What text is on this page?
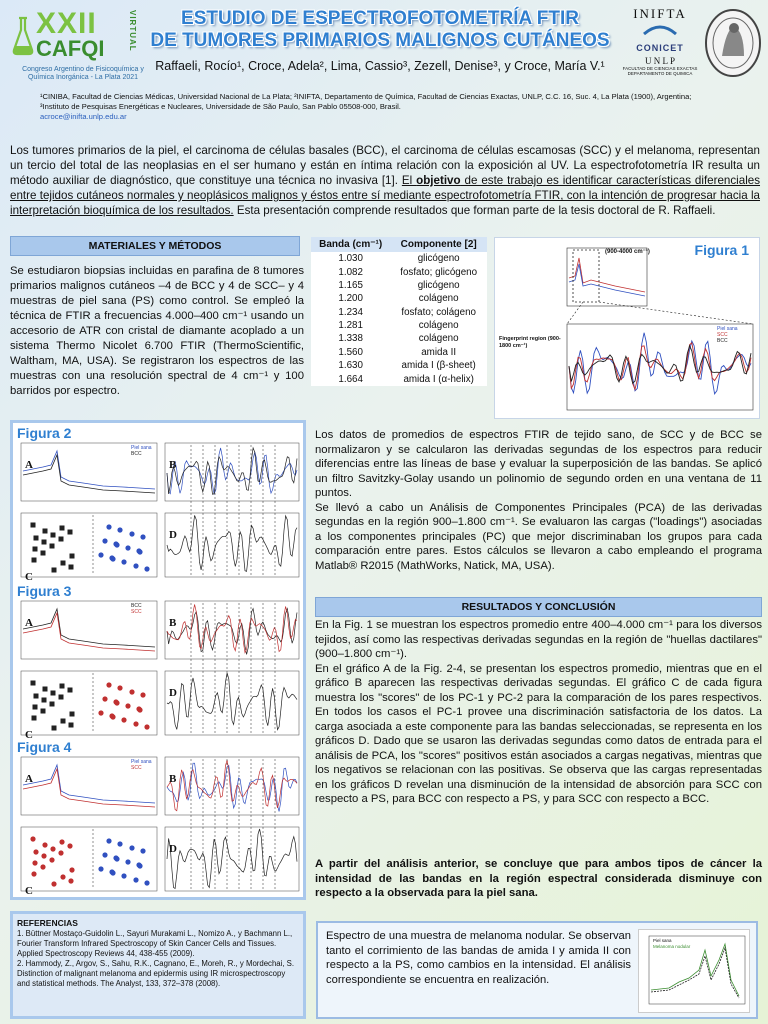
XXII
CAFQI	VIRTUAL
Congreso Argentino de Fisicoquímica y
Química Inorgánica - La Plata 2021
ESTUDIO DE ESPECTROFOTOMETRÍA FTIR
DE TUMORES PRIMARIOS MALIGNOS CUTÁNEOS
Raffaeli, Rocío¹, Croce, Adela², Lima, Cassio³, Zezell, Denise³, y Croce, María V.¹
INIFTA
CONICET
U N L P
FACULTAD DE CIENCIAS EXACTAS
DEPARTAMENTO DE QUIMICA
¹CINIBA, Facultad de Ciencias Médicas, Universidad Nacional de La Plata; ²INIFTA, Departamento de Química, Facultad de Ciencias Exactas, UNLP, C.C. 16, Suc. 4, La Plata (1900), Argentina;
³Instituto de Pesquisas Energéticas e Nucleares, Universidade de São Paulo, San Pablo 05508-000, Brasil.
acroce@inifta.unlp.edu.ar
Los tumores primarios de la piel, el carcinoma de células basales (BCC), el carcinoma de células escamosas (SCC) y el melanoma, representan un tercio del total de las neoplasias en el ser humano y están en íntima relación con la exposición al UV. La espectrofotometría IR resulta un método auxiliar de diagnóstico, que constituye una técnica no invasiva [1]. El objetivo de este trabajo es identificar características diferenciales entre tejidos cutáneos normales y neoplásicos malignos y éstos entre sí mediante espectrofotometría FTIR, con la intención de progresar hacia la interpretación bioquímica de los resultados. Esta presentación comprende resultados que forman parte de la tesis doctoral de R. Raffaeli.
MATERIALES Y MÉTODOS
Se estudiaron biopsias incluidas en parafina de 8 tumores primarios malignos cutáneos –4 de BCC y 4 de SCC– y 4 muestras de piel sana (PS) como control. Se empleó la técnica de FTIR a frecuencias 4.000–400 cm⁻¹ usando un accesorio de ATR con cristal de diamante acoplado a un sistema Thermo Nicolet 6.700 FTIR (ThermoScientific, Waltham, MA, USA). Se registraron los espectros de las muestras con una resolución spectral de 4 cm⁻¹ y 100 barridos por espectro.
Banda (cm⁻¹)	Componente [2]
1.030	glicógeno
1.082	fosfato; glicógeno
1.165	glicógeno
1.200	colágeno
1.234	fosfato; colágeno
1.281	colágeno
1.338	colágeno
1.560	amida II
1.630	amida I (β-sheet)
1.664	amida I (α-helix)
Figura 1
(900-4000 cm⁻¹)
Fingerprint region (900-1800 cm⁻¹)
Piel sana
SCC
BCC
Figura 2
A	B
C
D
Piel sana
BCC
Figura 3
A	B
C
D
BCC
SCC
Figura 4
A	B
C
D
Piel sana
SCC
Los datos de promedios de espectros FTIR de tejido sano, de SCC y de BCC se normalizaron y se calcularon las derivadas segundas de los espectros para reducir diferencias entre las líneas de base y evaluar la superposición de las bandas. Se aplicó un filtro Savitzky-Golay usando un polinomio de segundo orden en una ventana de 11 puntos.
Se llevó a cabo un Análisis de Componentes Principales (PCA) de las derivadas segundas en la región 900–1.800 cm⁻¹. Se evaluaron las cargas ("loadings") asociadas a los componentes principales (PC) que mejor discriminaban los grupos para cada comparación entre pares. Estos cálculos se llevaron a cabo empleando el programa Matlab® R2015 (MathWorks, Natick, MA, USA).
RESULTADOS Y CONCLUSIÓN
En la Fig. 1 se muestran los espectros promedio entre 400–4.000 cm⁻¹ para los diversos tejidos, así como las respectivas derivadas segundas en la región de "huellas dactilares" (900–1.800 cm⁻¹).
En el gráfico A de la Fig. 2-4, se presentan los espectros promedio, mientras que en el gráfico B aparecen las respectivas derivadas segundas. El gráfico C de cada figura muestra los "scores" de los PC-1 y PC-2 para la comparación de los pares respectivos. En todos los casos el PC-1 provee una discriminación satisfactoria de los datos. La carga asociada a este componente para las bandas seleccionadas, se representa en los gráficos D. Dado que se usaron las derivadas segundas como datos de entrada para el análisis de PCA, los "scores" positivos están asociados a cargas negativas, mientras que los negativos se relacionan con las positivas. Se observa que las cargas representadas en los gráficos D revelan una disminución de la intensidad de absorción para SCC con respecto a PS, para BCC con respecto a PS, y para SCC con respecto a BCC.
A partir del análisis anterior, se concluye que para ambos tipos de cáncer la intensidad de las bandas en la región espectral considerada disminuye con respecto a la observada para la piel sana.
REFERENCIAS
1. Büttner Mostaço-Guidolin L., Sayuri Murakami L., Nomizo A., y Bachmann L., Fourier Transform Infrared Spectroscopy of Skin Cancer Cells and Tissues. Applied Spectroscopy Reviews 44, 438-455 (2009).
2. Hammody, Z., Argov, S., Sahu, R.K., Cagnano, E., Moreh, R., y Mordechai, S. Distinction of malignant melanoma and epidermis using IR microspectroscopy and statistical methods. The Analyst, 133, 372–378 (2008).
Espectro de una muestra de melanoma nodular. Se observan tanto el corrimiento de las bandas de amida I y amida II con respecto a la PS, como cambios en la intensidad. El análisis correspondiente se encuentra en realización.
Piel sana
Melanoma nodular
